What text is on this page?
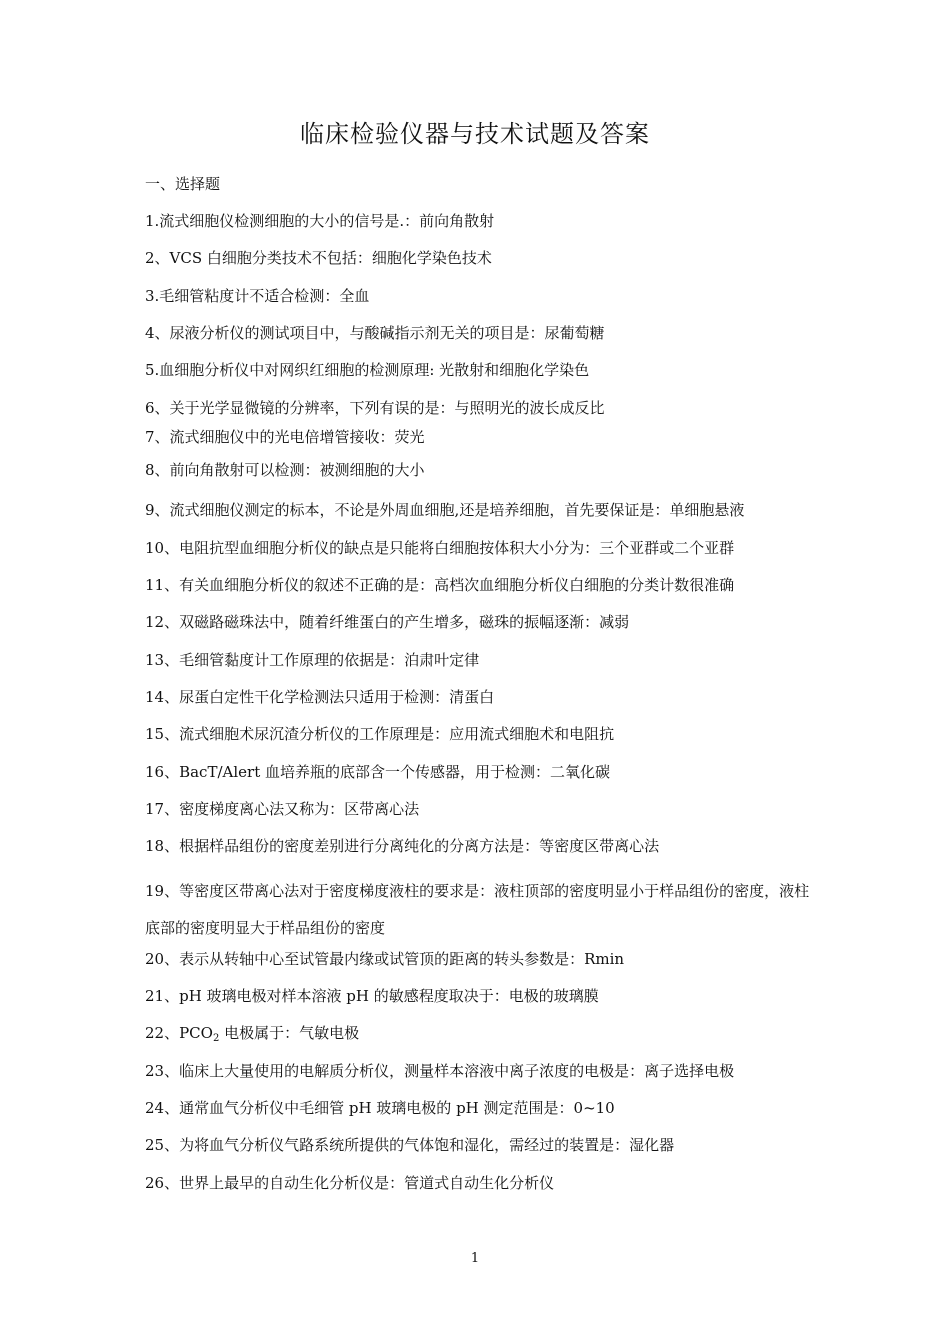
临床检验仪器与技术试题及答案
一、选择题
1.流式细胞仪检测细胞的大小的信号是.：前向角散射
2、VCS 白细胞分类技术不包括：细胞化学染色技术
3.毛细管粘度计不适合检测：全血
4、尿液分析仪的测试项目中，与酸碱指示剂无关的项目是：尿葡萄糖
5.血细胞分析仪中对网织红细胞的检测原理: 光散射和细胞化学染色
6、关于光学显微镜的分辨率，下列有误的是：与照明光的波长成反比
7、流式细胞仪中的光电倍增管接收：荧光
8、前向角散射可以检测：被测细胞的大小
9、流式细胞仪测定的标本，不论是外周血细胞,还是培养细胞，首先要保证是：单细胞悬液
10、电阻抗型血细胞分析仪的缺点是只能将白细胞按体积大小分为：三个亚群或二个亚群
11、有关血细胞分析仪的叙述不正确的是：高档次血细胞分析仪白细胞的分类计数很准确
12、双磁路磁珠法中，随着纤维蛋白的产生增多，磁珠的振幅逐渐：减弱
13、毛细管黏度计工作原理的依据是：泊肃叶定律
14、尿蛋白定性干化学检测法只适用于检测：清蛋白
15、流式细胞术尿沉渣分析仪的工作原理是：应用流式细胞术和电阻抗
16、BacT/Alert 血培养瓶的底部含一个传感器，用于检测：二氧化碳
17、密度梯度离心法又称为：区带离心法
18、根据样品组份的密度差别进行分离纯化的分离方法是：等密度区带离心法
19、等密度区带离心法对于密度梯度液柱的要求是：液柱顶部的密度明显小于样品组份的密度，液柱底部的密度明显大于样品组份的密度
20、表示从转轴中心至试管最内缘或试管顶的距离的转头参数是：Rmin
21、pH 玻璃电极对样本溶液 pH 的敏感程度取决于：电极的玻璃膜
22、$PCO_2$ 电极属于：气敏电极
23、临床上大量使用的电解质分析仪，测量样本溶液中离子浓度的电极是：离子选择电极
24、通常血气分析仪中毛细管 pH 玻璃电极的 pH 测定范围是：0~10
25、为将血气分析仪气路系统所提供的气体饱和湿化，需经过的装置是：湿化器
26、世界上最早的自动生化分析仪是：管道式自动生化分析仪
1
